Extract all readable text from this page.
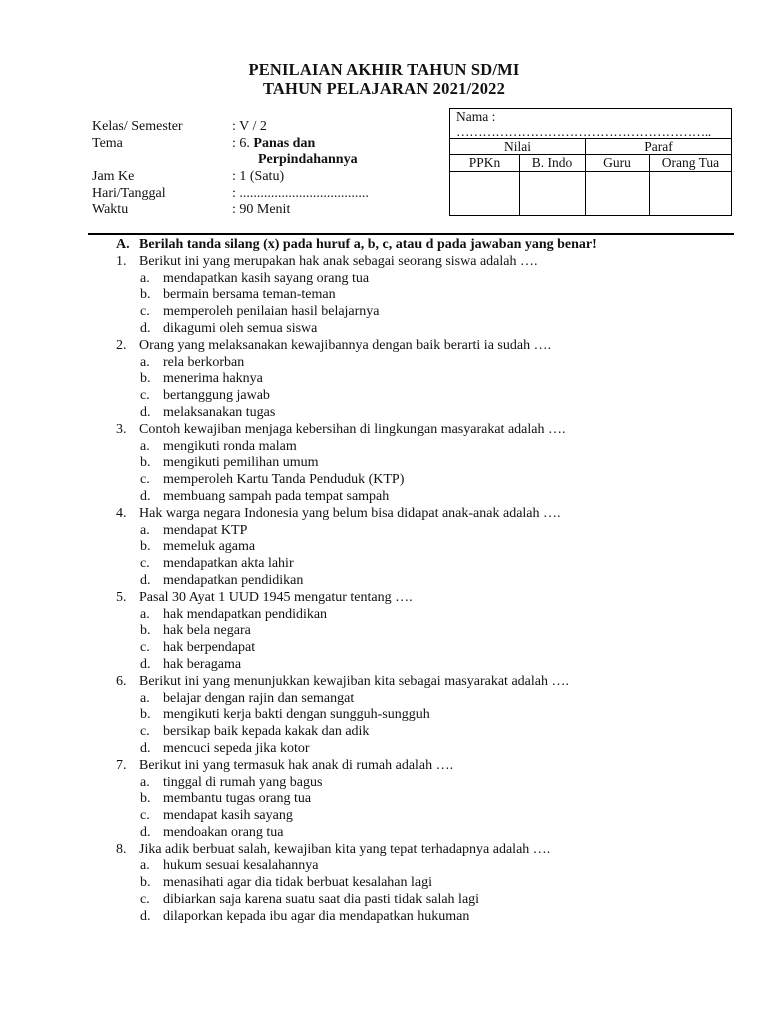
PENILAIAN AKHIR TAHUN SD/MI
TAHUN PELAJARAN 2021/2022
Kelas/ Semester	: V / 2
Tema	: 6. Panas dan
Perpindahannya
Jam Ke	: 1 (Satu)
Hari/Tanggal	: .....................................
Waktu	: 90 Menit
Nama :
…………………………………………………..
Nilai	Paraf
PPKn	B. Indo	Guru	Orang Tua
A. Berilah tanda silang (x) pada huruf a, b, c, atau d pada jawaban yang benar!
1. Berikut ini yang merupakan hak anak sebagai seorang siswa adalah ….
a. mendapatkan kasih sayang orang tua
b. bermain bersama teman-teman
c. memperoleh penilaian hasil belajarnya
d. dikagumi oleh semua siswa
2. Orang yang melaksanakan kewajibannya dengan baik berarti ia sudah ….
a. rela berkorban
b. menerima haknya
c. bertanggung jawab
d. melaksanakan tugas
3. Contoh kewajiban menjaga kebersihan di lingkungan masyarakat adalah ….
a. mengikuti ronda malam
b. mengikuti pemilihan umum
c. memperoleh Kartu Tanda Penduduk (KTP)
d. membuang sampah pada tempat sampah
4. Hak warga negara Indonesia yang belum bisa didapat anak-anak adalah ….
a. mendapat KTP
b. memeluk agama
c. mendapatkan akta lahir
d. mendapatkan pendidikan
5. Pasal 30 Ayat 1 UUD 1945 mengatur tentang ….
a. hak mendapatkan pendidikan
b. hak bela negara
c. hak berpendapat
d. hak beragama
6. Berikut ini yang menunjukkan kewajiban kita sebagai masyarakat adalah ….
a. belajar dengan rajin dan semangat
b. mengikuti kerja bakti dengan sungguh-sungguh
c. bersikap baik kepada kakak dan adik
d. mencuci sepeda jika kotor
7. Berikut ini yang termasuk hak anak di rumah adalah ….
a. tinggal di rumah yang bagus
b. membantu tugas orang tua
c. mendapat kasih sayang
d. mendoakan orang tua
8. Jika adik berbuat salah, kewajiban kita yang tepat terhadapnya adalah ….
a. hukum sesuai kesalahannya
b. menasihati agar dia tidak berbuat kesalahan lagi
c. dibiarkan saja karena suatu saat dia pasti tidak salah lagi
d. dilaporkan kepada ibu agar dia mendapatkan hukuman
